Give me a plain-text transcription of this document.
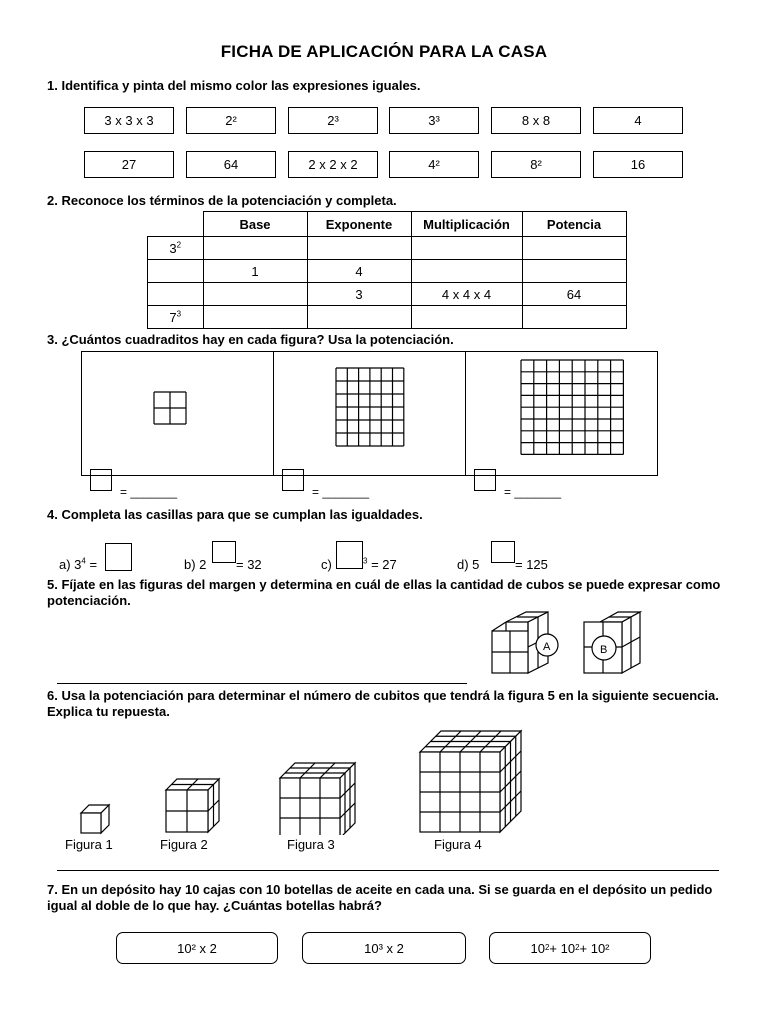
FICHA DE APLICACIÓN PARA LA CASA
1. Identifica y pinta del mismo color las expresiones iguales.
3 x 3 x 3	2²	2³	3³	8 x 8	4
27	64	2 x 2 x 2	4²	8²	16
2. Reconoce los términos de la potenciación y completa.
	Base	Exponente	Multiplicación	Potencia
$3^2$				
	1	4		
		3	4 x 4 x 4	64
$7^3$				
3. ¿Cuántos cuadraditos hay en cada figura? Usa la potenciación.
= _______	= _______	= _______
4. Completa las casillas para que se cumplan las igualdades.
a) $3^4$ =	b) 2 = 32	c)	$^3$ = 27	d) 5	= 125
5. Fíjate en las figuras del margen y determina en cuál de ellas la cantidad de cubos se puede expresar como potenciación.
A	B
6. Usa la potenciación para determinar el número de cubitos que tendrá la figura 5 en la siguiente secuencia. Explica tu repuesta.
Figura 1	Figura 2	Figura 3	Figura 4
7. En un depósito hay 10 cajas con 10 botellas de aceite en cada una. Si se guarda en el depósito un pedido igual al doble de lo que hay. ¿Cuántas botellas habrá?
10² x 2	10³ x 2	10 2 + 10 2 + 10²
